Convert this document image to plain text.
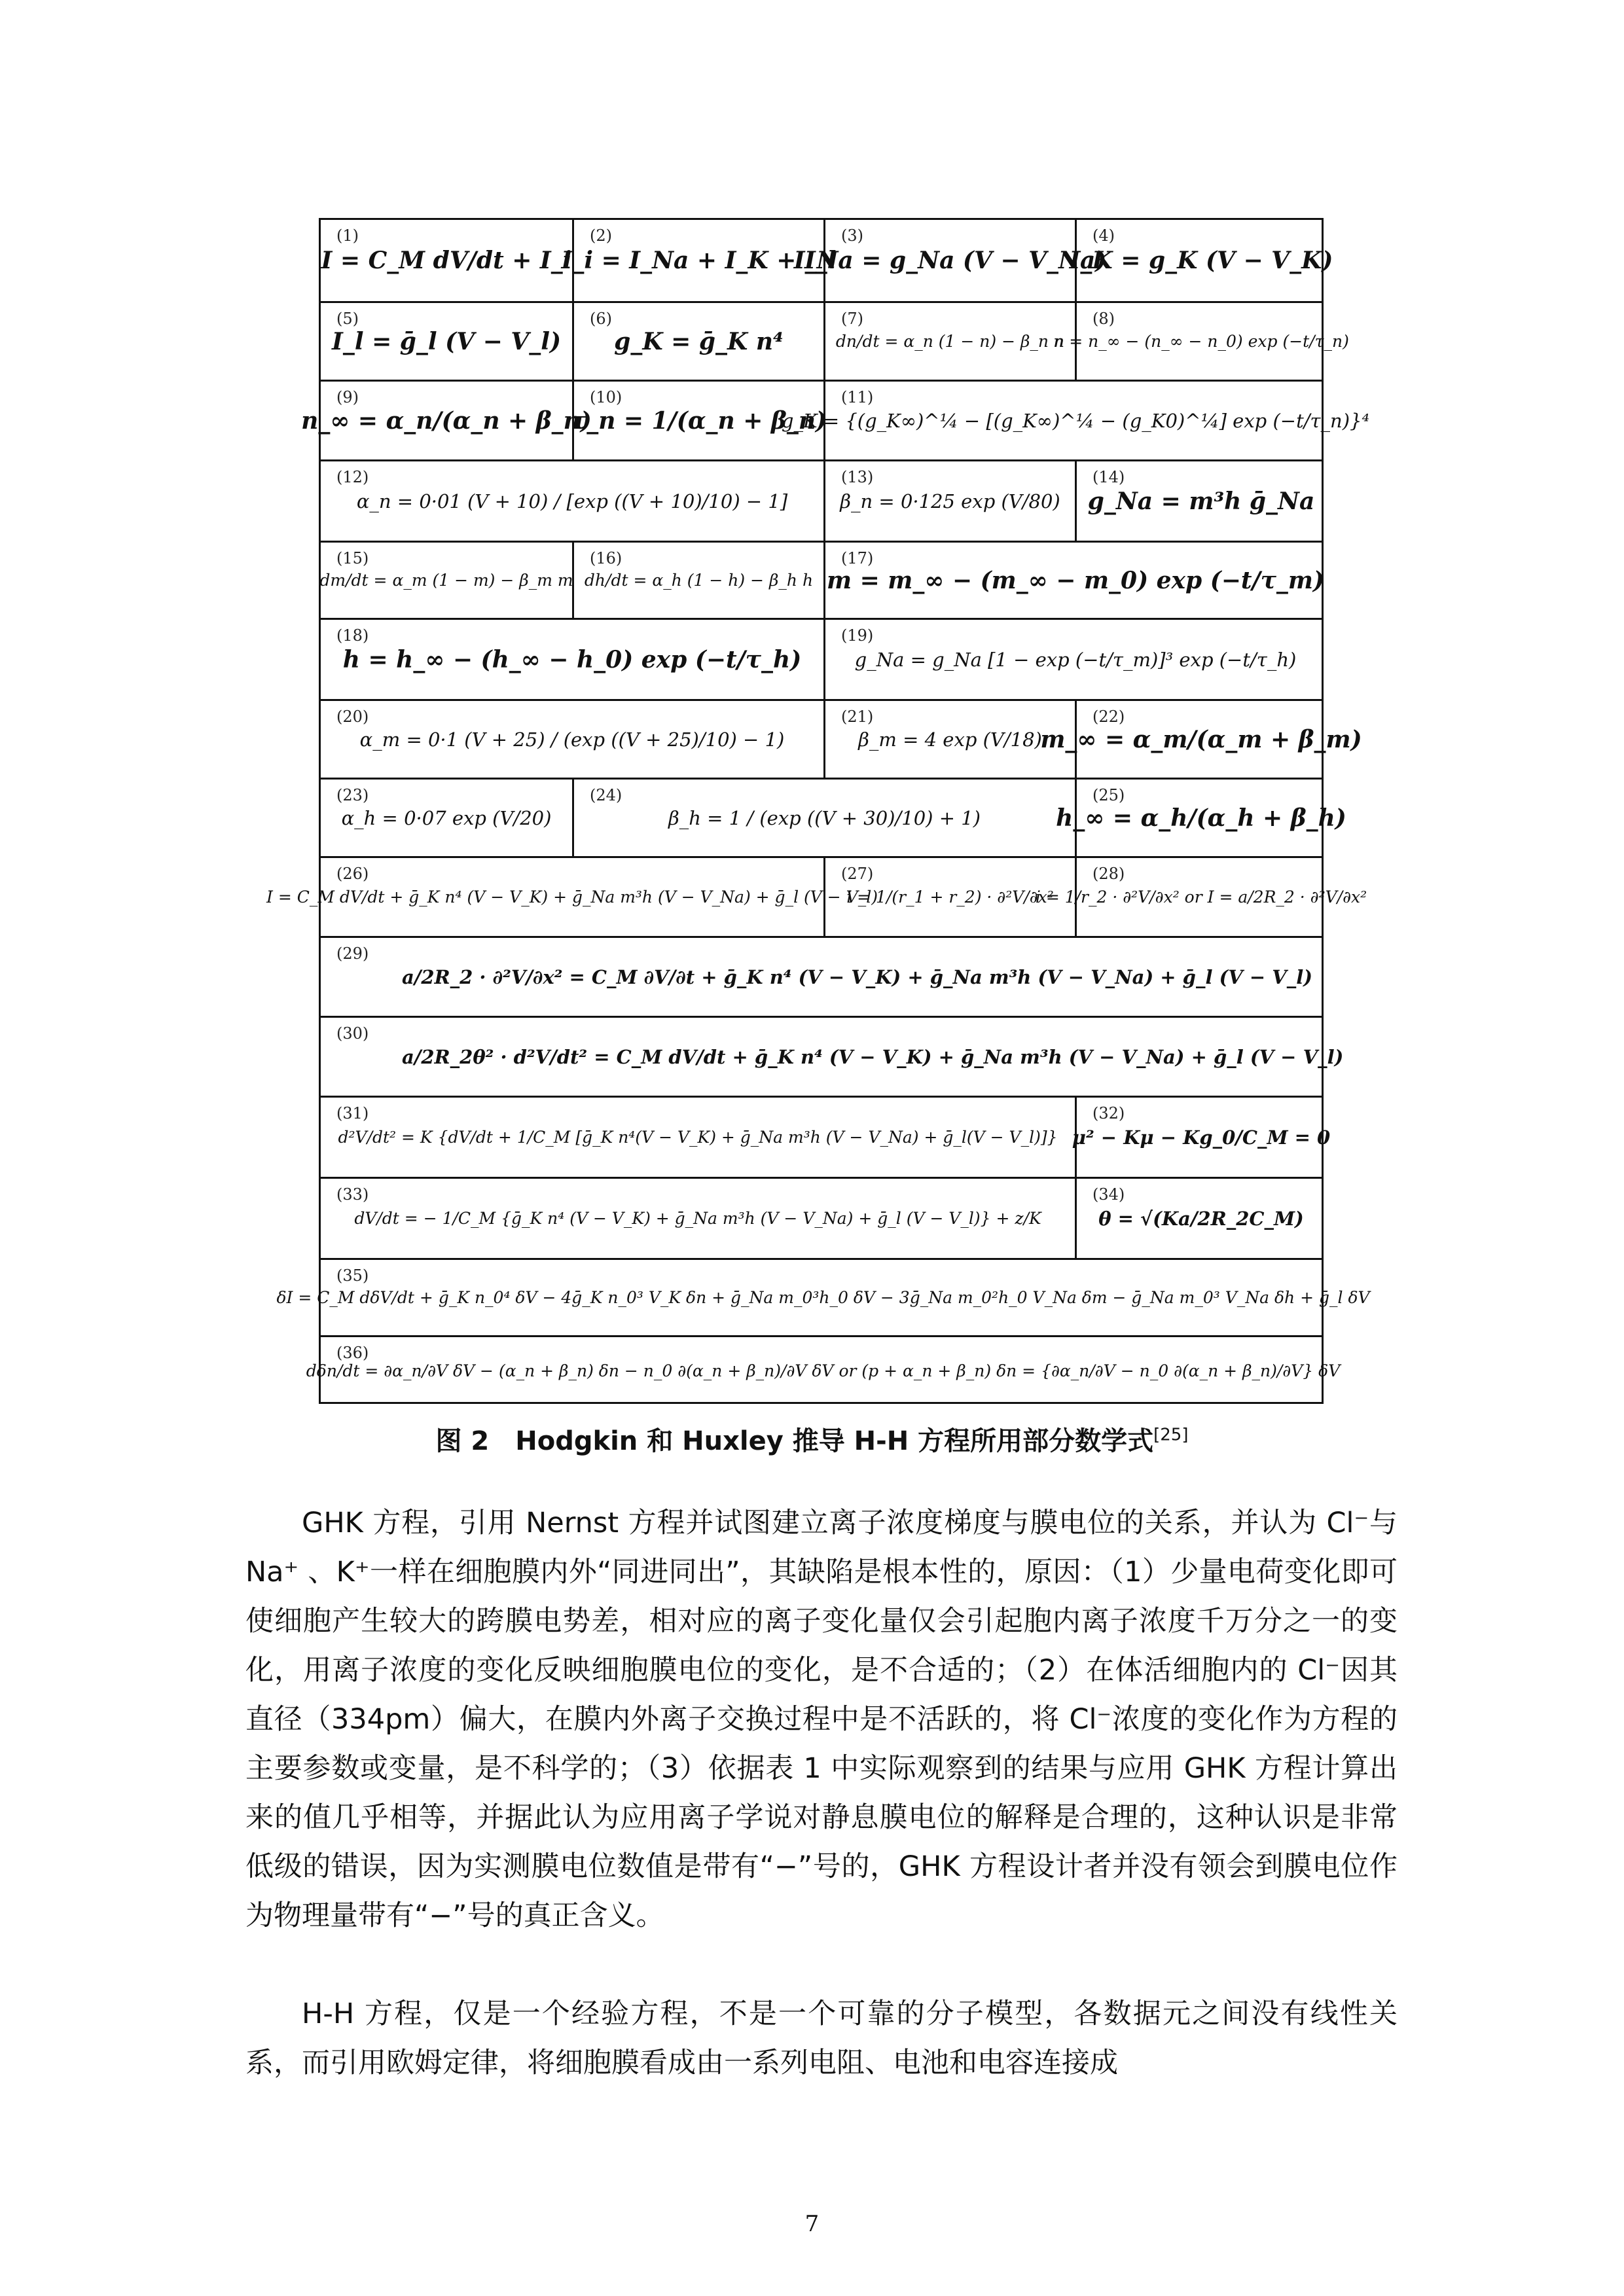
(1)
I = C_M dV/dt + I_i
(2)
I_i = I_Na + I_K + I_l
(3)
I_Na = g_Na (V − V_Na)
(4)
I_K = g_K (V − V_K)
(5)
I_l = ḡ_l (V − V_l)
(6)
g_K = ḡ_K n⁴
(7)
dn/dt = α_n (1 − n) − β_n n
(8)
n = n_∞ − (n_∞ − n_0) exp (−t/τ_n)
(9)
n_∞ = α_n/(α_n + β_n)
(10)
τ_n = 1/(α_n + β_n)
(11)
g_K = {(g_K∞)^¼ − [(g_K∞)^¼ − (g_K0)^¼] exp (−t/τ_n)}⁴
(12)
α_n = 0·01 (V + 10) / [exp ((V + 10)/10) − 1]
(13)
β_n = 0·125 exp (V/80)
(14)
g_Na = m³h ḡ_Na
(15)
dm/dt = α_m (1 − m) − β_m m
(16)
dh/dt = α_h (1 − h) − β_h h
(17)
m = m_∞ − (m_∞ − m_0) exp (−t/τ_m)
(18)
h = h_∞ − (h_∞ − h_0) exp (−t/τ_h)
(19)
g_Na = g_Na [1 − exp (−t/τ_m)]³ exp (−t/τ_h)
(20)
α_m = 0·1 (V + 25) / (exp ((V + 25)/10) − 1)
(21)
β_m = 4 exp (V/18)
(22)
m_∞ = α_m/(α_m + β_m)
(23)
α_h = 0·07 exp (V/20)
(24)
β_h = 1 / (exp ((V + 30)/10) + 1)
(25)
h_∞ = α_h/(α_h + β_h)
(26)
I = C_M dV/dt + ḡ_K n⁴ (V − V_K) + ḡ_Na m³h (V − V_Na) + ḡ_l (V − V_l)
(27)
i = 1/(r_1 + r_2) · ∂²V/∂x²
(28)
i = 1/r_2 · ∂²V/∂x² or I = a/2R_2 · ∂²V/∂x²
(29)
a/2R_2 · ∂²V/∂x² = C_M ∂V/∂t + ḡ_K n⁴ (V − V_K) + ḡ_Na m³h (V − V_Na) + ḡ_l (V − V_l)
(30)
a/2R_2θ² · d²V/dt² = C_M dV/dt + ḡ_K n⁴ (V − V_K) + ḡ_Na m³h (V − V_Na) + ḡ_l (V − V_l)
(31)
d²V/dt² = K {dV/dt + 1/C_M [ḡ_K n⁴(V − V_K) + ḡ_Na m³h (V − V_Na) + ḡ_l(V − V_l)]}
(32)
μ² − Kμ − Kg_0/C_M = 0
(33)
dV/dt = − 1/C_M {ḡ_K n⁴ (V − V_K) + ḡ_Na m³h (V − V_Na) + ḡ_l (V − V_l)} + z/K
(34)
θ = √(Ka/2R_2C_M)
(35)
δI = C_M dδV/dt + ḡ_K n_0⁴ δV − 4ḡ_K n_0³ V_K δn + ḡ_Na m_0³h_0 δV − 3ḡ_Na m_0²h_0 V_Na δm − ḡ_Na m_0³ V_Na δh + ḡ_l δV
(36)
dδn/dt = ∂α_n/∂V δV − (α_n + β_n) δn − n_0 ∂(α_n + β_n)/∂V δV or (p + α_n + β_n) δn = {∂α_n/∂V − n_0 ∂(α_n + β_n)/∂V} δV
图 2　Hodgkin 和 Huxley 推导 H-H 方程所用部分数学式[25]

GHK 方程，引用 Nernst 方程并试图建立离子浓度梯度与膜电位的关系，并认为 Cl⁻与 Na⁺ 、K⁺一样在细胞膜内外“同进同出”，其缺陷是根本性的，原因：（1）少量电荷变化即可使细胞产生较大的跨膜电势差，相对应的离子变化量仅会引起胞内离子浓度千万分之一的变化，用离子浓度的变化反映细胞膜电位的变化，是不合适的；（2）在体活细胞内的 Cl⁻因其直径（334pm）偏大，在膜内外离子交换过程中是不活跃的，将 Cl⁻浓度的变化作为方程的主要参数或变量，是不科学的；（3）依据表 1 中实际观察到的结果与应用 GHK 方程计算出来的值几乎相等，并据此认为应用离子学说对静息膜电位的解释是合理的，这种认识是非常低级的错误，因为实测膜电位数值是带有“−”号的，GHK 方程设计者并没有领会到膜电位作为物理量带有“−”号的真正含义。

H-H 方程，仅是一个经验方程，不是一个可靠的分子模型，各数据元之间没有线性关系，而引用欧姆定律，将细胞膜看成由一系列电阻、电池和电容连接成

7
